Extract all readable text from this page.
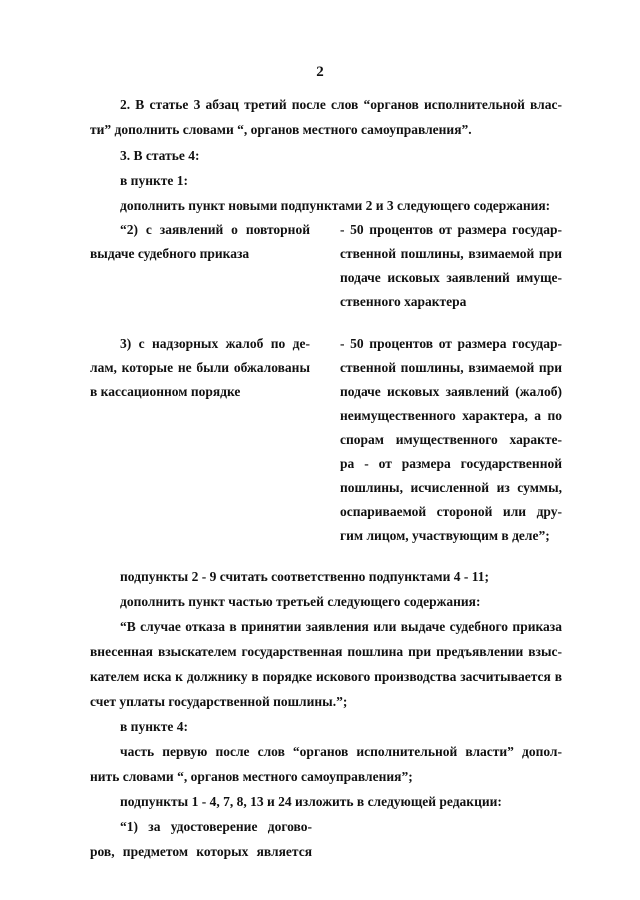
2
2. В статье 3 абзац третий после слов “органов исполнительной влас-
ти” дополнить словами “, органов местного самоуправления”.
3. В статье 4:
в пункте 1:
дополнить пункт новыми подпунктами 2 и 3 следующего содержания:
“2) с заявлений о повторной
выдаче судебного приказа
- 50 процентов от размера государ-
ственной пошлины, взимаемой при
подаче исковых заявлений имуще-
ственного характера
3) с надзорных жалоб по де-
лам, которые не были обжалованы
в кассационном порядке
- 50 процентов от размера государ-
ственной пошлины, взимаемой при
подаче исковых заявлений (жалоб)
неимущественного характера, а по
спорам имущественного характе-
ра - от размера государственной
пошлины, исчисленной из суммы,
оспариваемой стороной или дру-
гим лицом, участвующим в деле”;
подпункты 2 - 9 считать соответственно подпунктами 4 - 11;
дополнить пункт частью третьей следующего содержания:
“В случае отказа в принятии заявления или выдаче судебного приказа
внесенная взыскателем государственная пошлина при предъявлении взыс-
кателем иска к должнику в порядке искового производства засчитывается в
счет уплаты государственной пошлины.”;
в пункте 4:
часть первую после слов “органов исполнительной власти” допол-
нить словами “, органов местного самоуправления”;
подпункты 1 - 4, 7, 8, 13 и 24 изложить в следующей редакции:
“1) за удостоверение догово-
ров, предметом которых является
